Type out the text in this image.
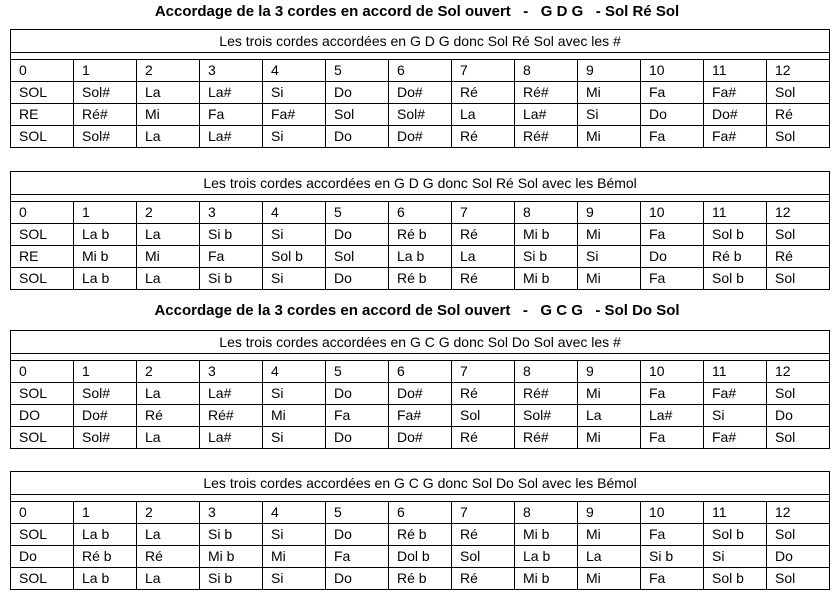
Accordage de la 3 cordes en accord de Sol ouvert   -   G D G   - Sol Ré Sol
Les trois cordes accordées en G D G donc Sol Ré Sol avec les #												

0	1	2	3	4	5	6	7	8	9	10	11	12
SOL	Sol#	La	La#	Si	Do	Do#	Ré	Ré#	Mi	Fa	Fa#	Sol
RE	Ré#	Mi	Fa	Fa#	Sol	Sol#	La	La#	Si	Do	Do#	Ré
SOL	Sol#	La	La#	Si	Do	Do#	Ré	Ré#	Mi	Fa	Fa#	Sol
Les trois cordes accordées en G D G donc Sol Ré Sol avec les Bémol												

0	1	2	3	4	5	6	7	8	9	10	11	12
SOL	La b	La	Si b	Si	Do	Ré b	Ré	Mi b	Mi	Fa	Sol b	Sol
RE	Mi b	Mi	Fa	Sol b	Sol	La b	La	Si b	Si	Do	Ré b	Ré
SOL	La b	La	Si b	Si	Do	Ré b	Ré	Mi b	Mi	Fa	Sol b	Sol
Accordage de la 3 cordes en accord de Sol ouvert   -   G C G   - Sol Do Sol
Les trois cordes accordées en G C G donc Sol Do Sol avec les #												

0	1	2	3	4	5	6	7	8	9	10	11	12
SOL	Sol#	La	La#	Si	Do	Do#	Ré	Ré#	Mi	Fa	Fa#	Sol
DO	Do#	Ré	Ré#	Mi	Fa	Fa#	Sol	Sol#	La	La#	Si	Do
SOL	Sol#	La	La#	Si	Do	Do#	Ré	Ré#	Mi	Fa	Fa#	Sol
Les trois cordes accordées en G C G donc Sol Do Sol avec les Bémol												

0	1	2	3	4	5	6	7	8	9	10	11	12
SOL	La b	La	Si b	Si	Do	Ré b	Ré	Mi b	Mi	Fa	Sol b	Sol
Do	Ré b	Ré	Mi b	Mi	Fa	Dol b	Sol	La b	La	Si b	Si	Do
SOL	La b	La	Si b	Si	Do	Ré b	Ré	Mi b	Mi	Fa	Sol b	Sol
